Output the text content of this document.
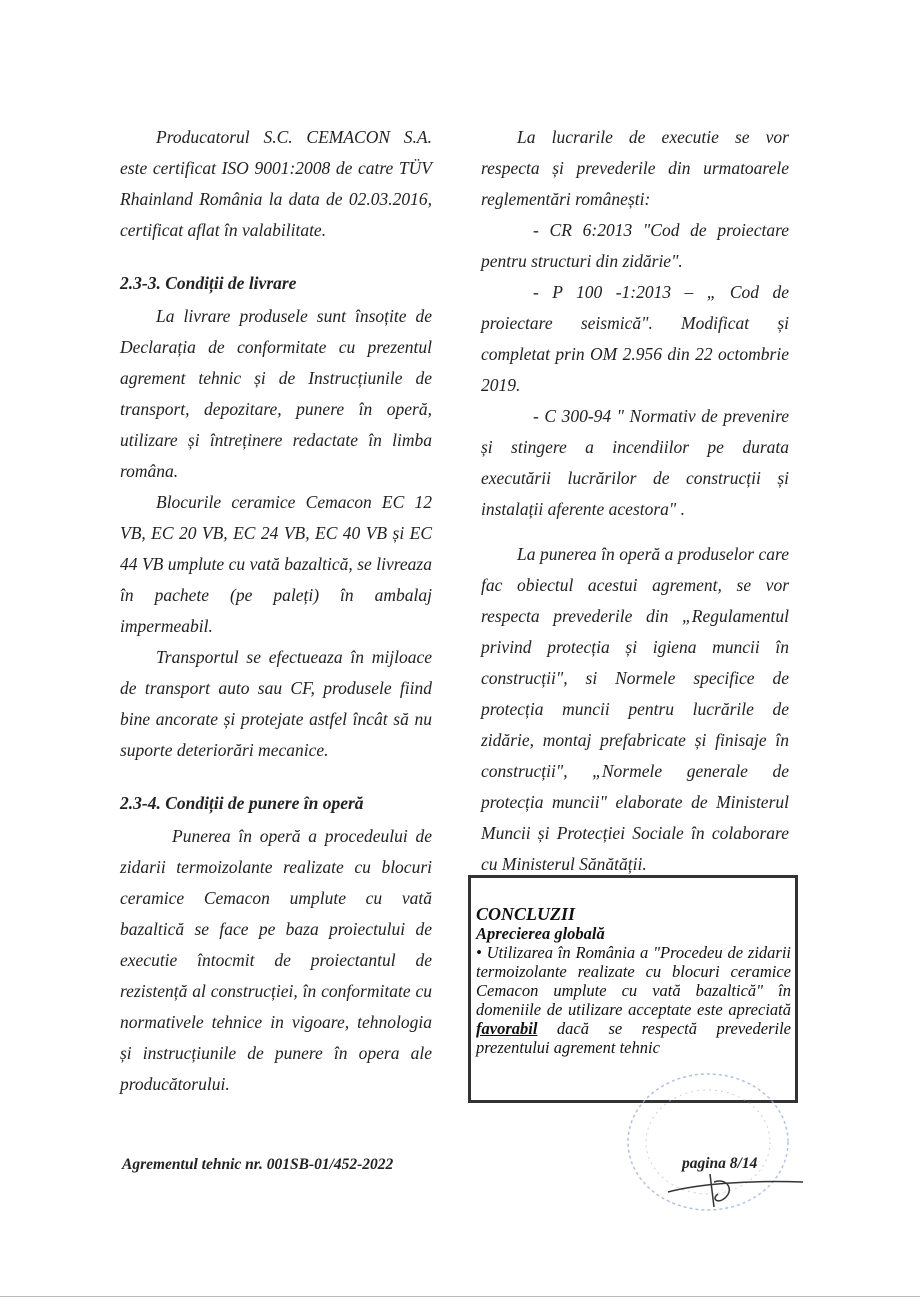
Producatorul S.C. CEMACON S.A. este certificat ISO 9001:2008 de catre TÜV Rhainland România la data de 02.03.2016, certificat aflat în valabilitate.

2.3-3. Condiții de livrare

La livrare produsele sunt însoțite de Declarația de conformitate cu prezentul agrement tehnic și de Instrucțiunile de transport, depozitare, punere în operă, utilizare și întreținere redactate în limba româna.

Blocurile ceramice Cemacon EC 12 VB, EC 20 VB, EC 24 VB, EC 40 VB și EC 44 VB umplute cu vată bazaltică, se livreaza în pachete (pe paleți) în ambalaj impermeabil.

Transportul se efectueaza în mijloace de transport auto sau CF, produsele fiind bine ancorate și protejate astfel încât să nu suporte deteriorări mecanice.

2.3-4. Condiții de punere în operă

Punerea în operă a procedeului de zidarii termoizolante realizate cu blocuri ceramice Cemacon umplute cu vată bazaltică se face pe baza proiectului de executie întocmit de proiectantul de rezistență al construcției, în conformitate cu normativele tehnice in vigoare, tehnologia și instrucțiunile de punere în opera ale producătorului.

La lucrarile de executie se vor respecta și prevederile din urmatoarele reglementări românești:

- CR 6:2013 "Cod de proiectare pentru structuri din zidărie".

- P 100 -1:2013 – „ Cod de proiectare seismică". Modificat și completat prin OM 2.956 din 22 octombrie 2019.

- C 300-94 " Normativ de prevenire și stingere a incendiilor pe durata executării lucrărilor de construcții și instalații aferente acestora" .

La punerea în operă a produselor care fac obiectul acestui agrement, se vor respecta prevederile din „Regulamentul privind protecția și igiena muncii în construcții", si Normele specifice de protecția muncii pentru lucrările de zidărie, montaj prefabricate și finisaje în construcții", „Normele generale de protecția muncii" elaborate de Ministerul Muncii și Protecției Sociale în colaborare cu Ministerul Sănătății.

CONCLUZII
Aprecierea globală
• Utilizarea în România a "Procedeu de zidarii termoizolante realizate cu blocuri ceramice Cemacon umplute cu vată bazaltică" în domeniile de utilizare acceptate este apreciată favorabil dacă se respectă prevederile prezentului agrement tehnic
Agrementul tehnic nr. 001SB-01/452-2022	pagina 8/14
